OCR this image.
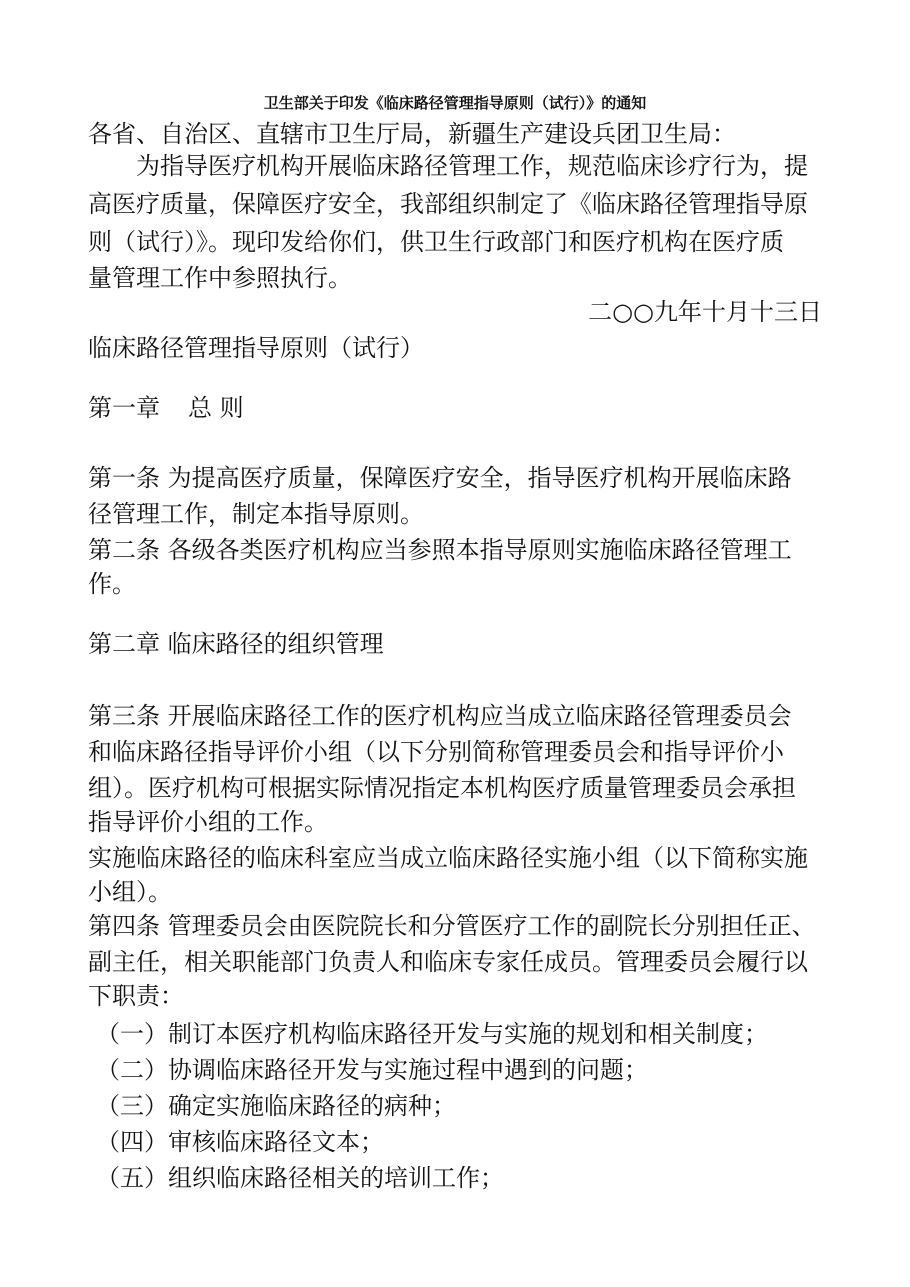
卫生部关于印发《临床路径管理指导原则（试行）》的通知
各省、自治区、直辖市卫生厅局，新疆生产建设兵团卫生局：
为指导医疗机构开展临床路径管理工作，规范临床诊疗行为，提
高医疗质量，保障医疗安全，我部组织制定了《临床路径管理指导原
则（试行）》。现印发给你们，供卫生行政部门和医疗机构在医疗质
量管理工作中参照执行。
二○○九年十月十三日
临床路径管理指导原则（试行）
第一章 总 则
第一条 为提高医疗质量，保障医疗安全，指导医疗机构开展临床路
径管理工作，制定本指导原则。
第二条 各级各类医疗机构应当参照本指导原则实施临床路径管理工
作。
第二章 临床路径的组织管理
第三条 开展临床路径工作的医疗机构应当成立临床路径管理委员会
和临床路径指导评价小组（以下分别简称管理委员会和指导评价小
组）。医疗机构可根据实际情况指定本机构医疗质量管理委员会承担
指导评价小组的工作。
实施临床路径的临床科室应当成立临床路径实施小组（以下简称实施
小组）。
第四条 管理委员会由医院院长和分管医疗工作的副院长分别担任正、
副主任，相关职能部门负责人和临床专家任成员。管理委员会履行以
下职责：
（一）制订本医疗机构临床路径开发与实施的规划和相关制度；
（二）协调临床路径开发与实施过程中遇到的问题；
（三）确定实施临床路径的病种；
（四）审核临床路径文本；
（五）组织临床路径相关的培训工作；
